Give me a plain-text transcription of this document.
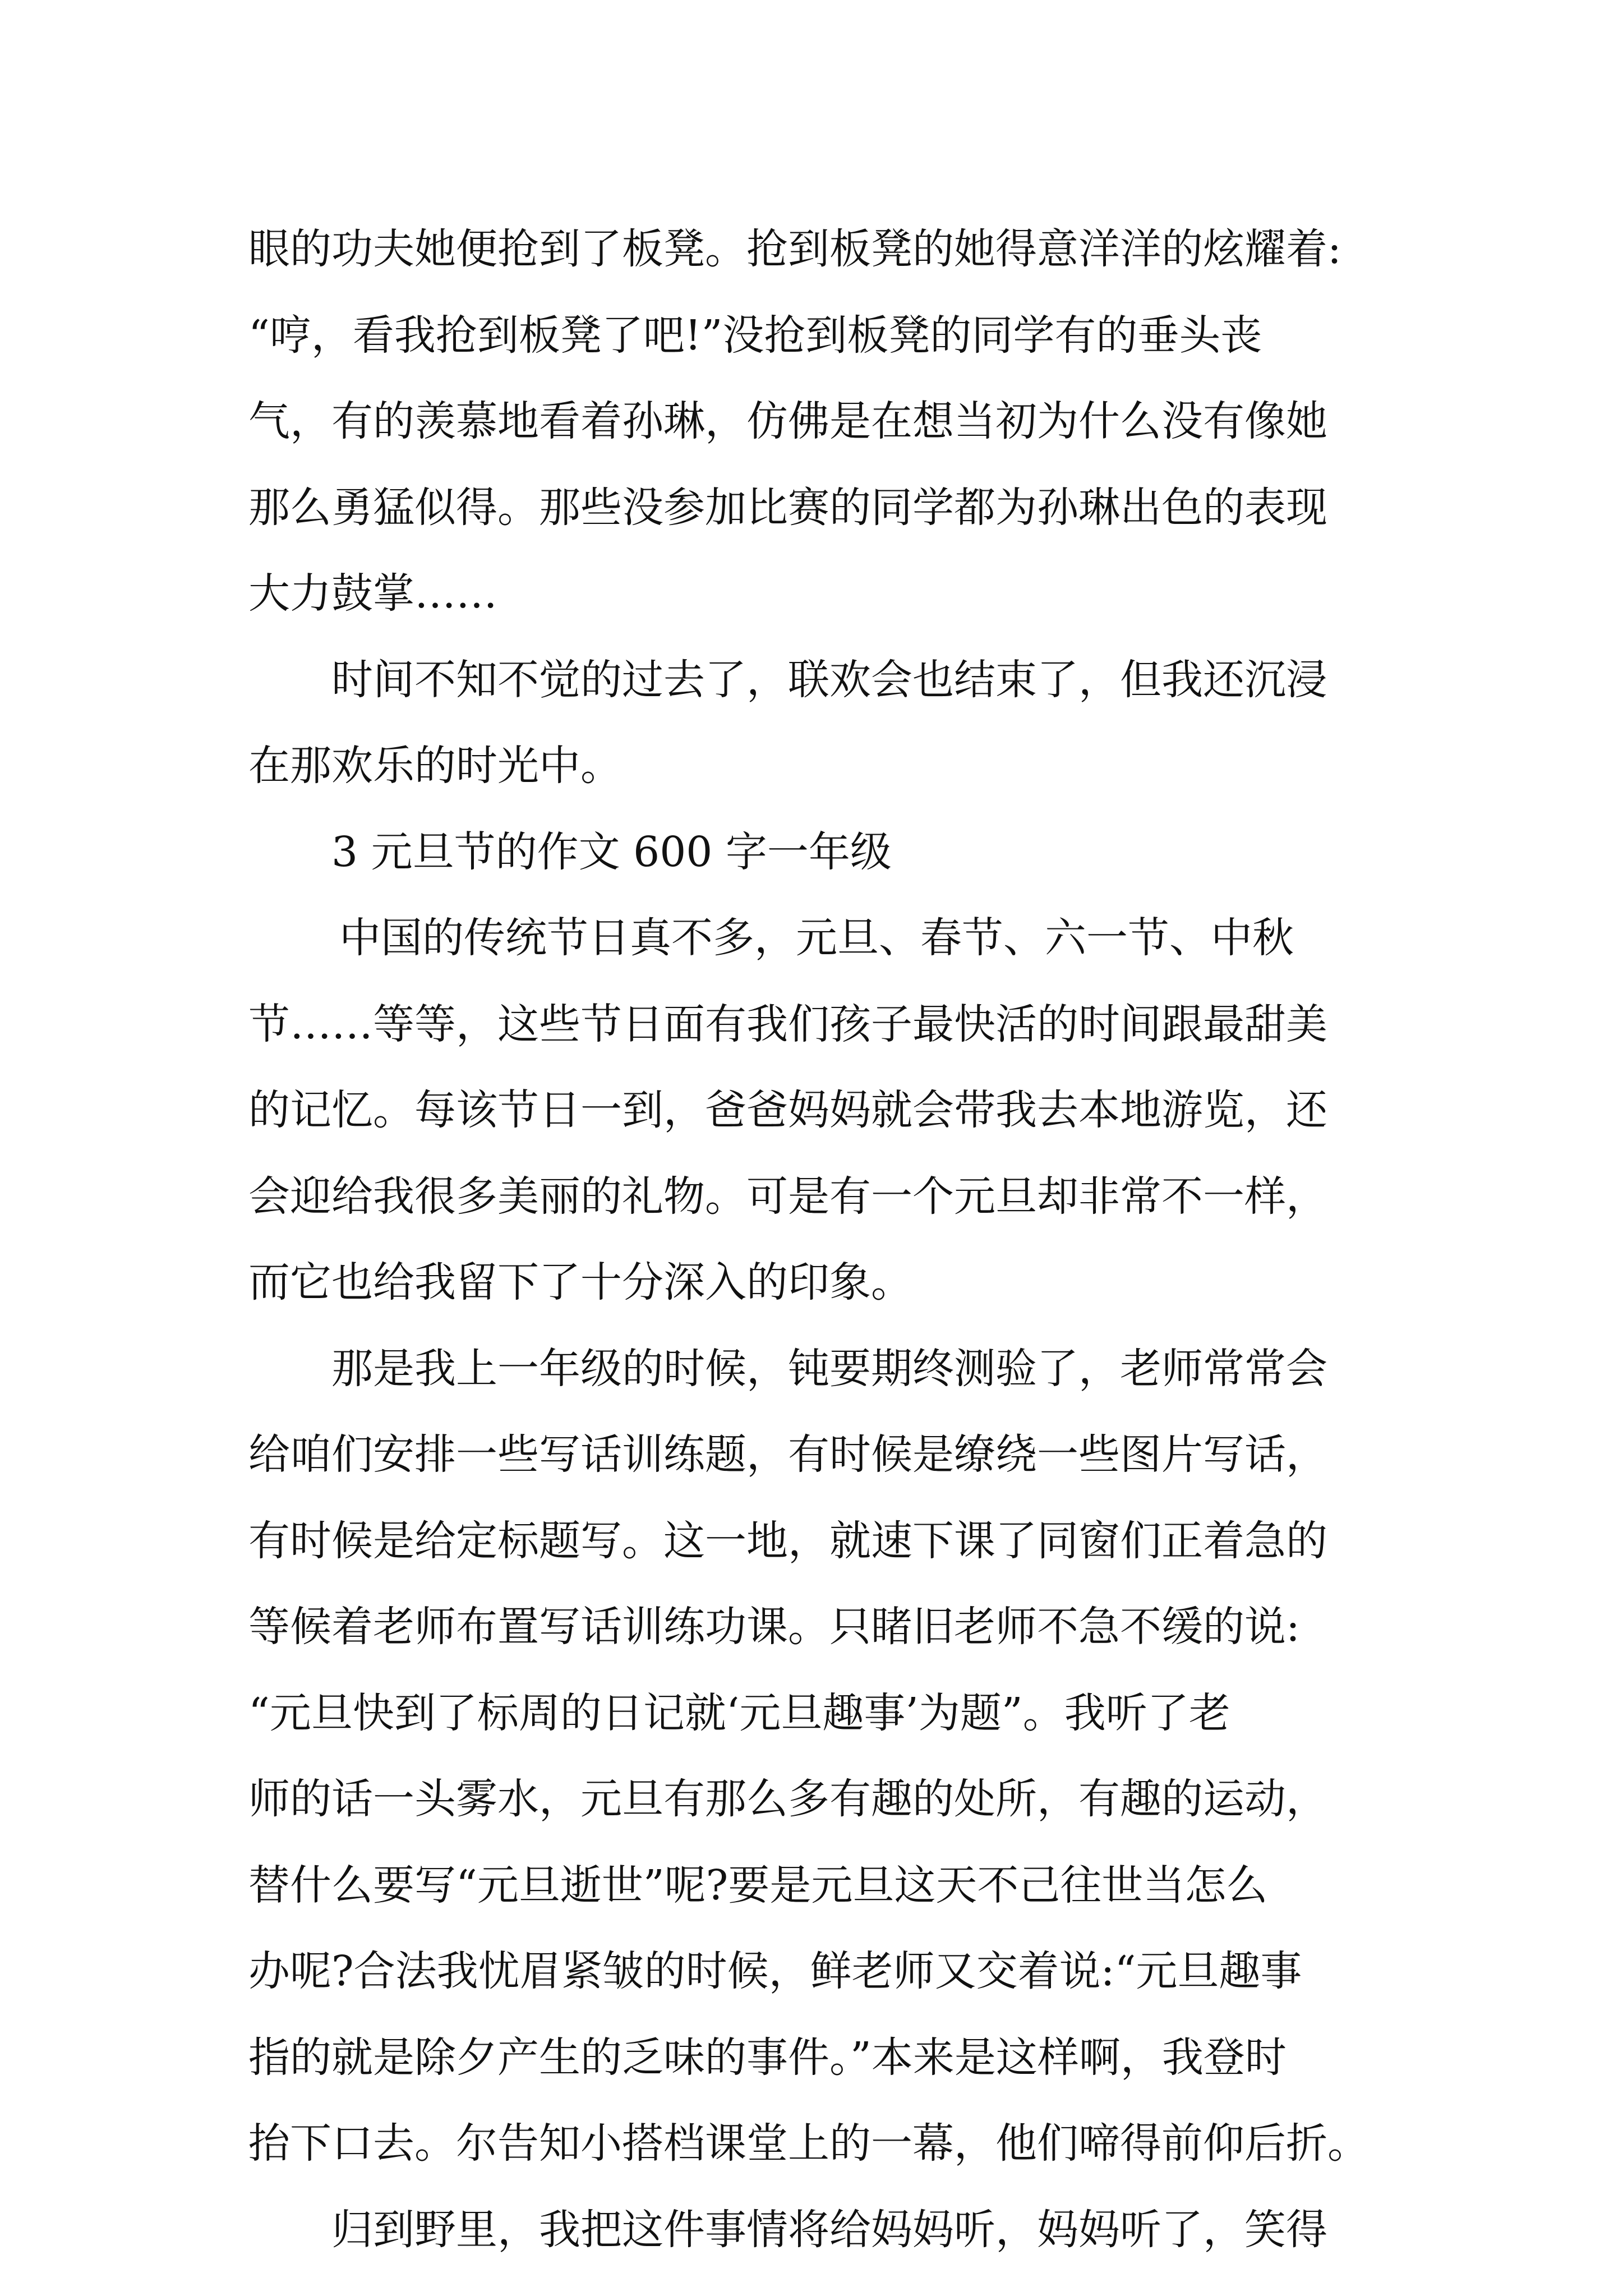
眼的功夫她便抢到了板凳。抢到板凳的她得意洋洋的炫耀着:
“哼，看我抢到板凳了吧!”没抢到板凳的同学有的垂头丧
气，有的羡慕地看着孙琳，仿佛是在想当初为什么没有像她
那么勇猛似得。那些没参加比赛的同学都为孙琳出色的表现
大力鼓掌……
时间不知不觉的过去了，联欢会也结束了，但我还沉浸
在那欢乐的时光中。
3 元旦节的作文 600 字一年级
中国的传统节日真不多，元旦、春节、六一节、中秋
节……等等，这些节日面有我们孩子最快活的时间跟最甜美
的记忆。每该节日一到，爸爸妈妈就会带我去本地游览，还
会迎给我很多美丽的礼物。可是有一个元旦却非常不一样，
而它也给我留下了十分深入的印象。
那是我上一年级的时候，钝要期终测验了，老师常常会
给咱们安排一些写话训练题，有时候是缭绕一些图片写话，
有时候是给定标题写。这一地，就速下课了同窗们正着急的
等候着老师布置写话训练功课。只睹旧老师不急不缓的说:
“元旦快到了标周的日记就‘元旦趣事’为题”。我听了老
师的话一头雾水，元旦有那么多有趣的处所，有趣的运动，
替什么要写“元旦逝世”呢?要是元旦这天不己往世当怎么
办呢?合法我忧眉紧皱的时候，鲜老师又交着说:“元旦趣事
指的就是除夕产生的乏味的事件。”本来是这样啊，我登时
抬下口去。尔告知小搭档课堂上的一幕，他们啼得前仰后折。
归到野里，我把这件事情将给妈妈听，妈妈听了，笑得
